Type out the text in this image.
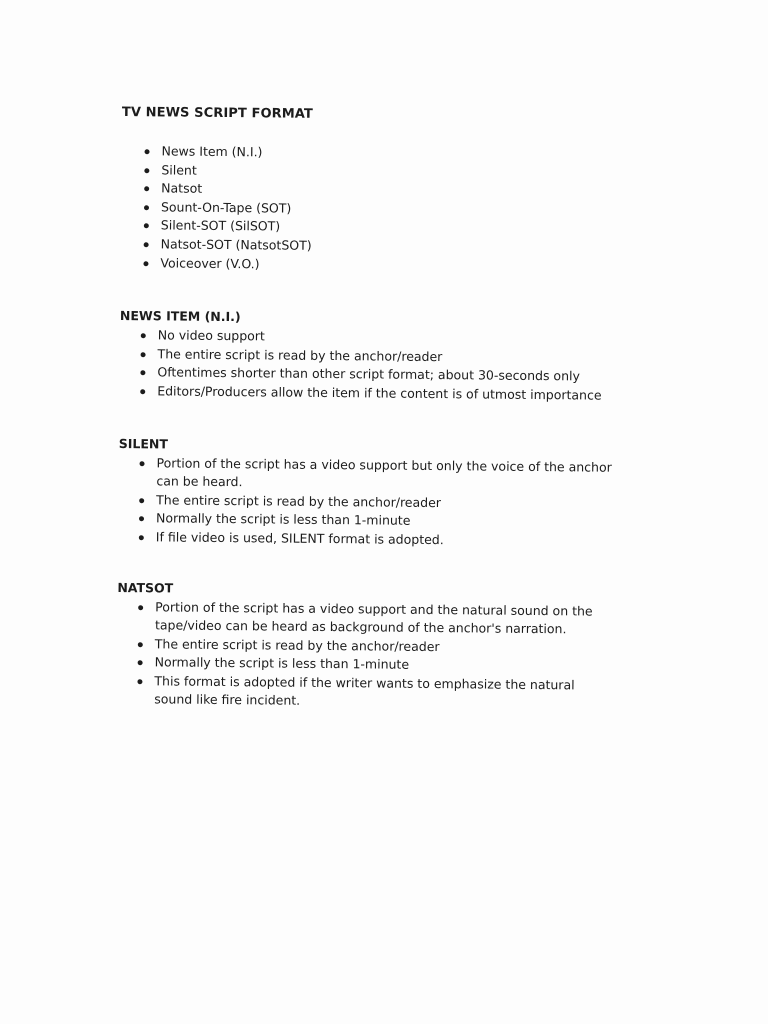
TV NEWS SCRIPT FORMAT
News Item (N.I.)
Silent
Natsot
Sount-On-Tape (SOT)
Silent-SOT (SilSOT)
Natsot-SOT (NatsotSOT)
Voiceover (V.O.)
NEWS ITEM (N.I.)
No video support
The entire script is read by the anchor/reader
Oftentimes shorter than other script format; about 30-seconds only
Editors/Producers allow the item if the content is of utmost importance
SILENT
Portion of the script has a video support but only the voice of the anchor can be heard.
The entire script is read by the anchor/reader
Normally the script is less than 1-minute
If file video is used, SILENT format is adopted.
NATSOT
Portion of the script has a video support and the natural sound on the tape/video can be heard as background of the anchor's narration.
The entire script is read by the anchor/reader
Normally the script is less than 1-minute
This format is adopted if the writer wants to emphasize the natural sound like fire incident.
